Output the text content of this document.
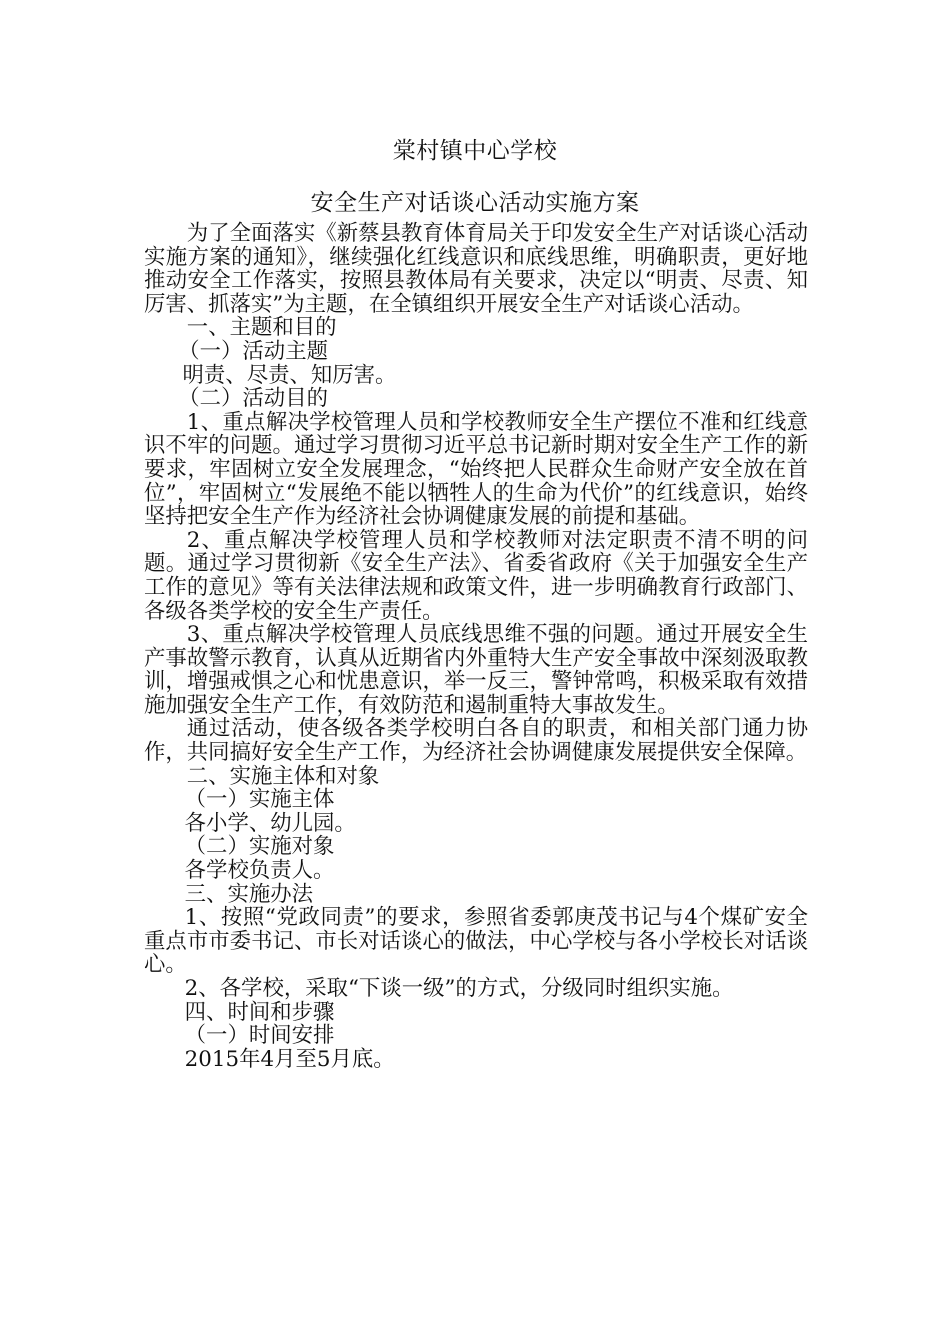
棠村镇中心学校
安全生产对话谈心活动实施方案

为了全面落实《新蔡县教育体育局关于印发安全生产对话谈心活动实施方案的通知》，继续强化红线意识和底线思维，明确职责，更好地推动安全工作落实，按照县教体局有关要求，决定以“明责、尽责、知厉害、抓落实”为主题，在全镇组织开展安全生产对话谈心活动。

一、主题和目的

（一）活动主题

明责、尽责、知厉害。

（二）活动目的

1、重点解决学校管理人员和学校教师安全生产摆位不准和红线意识不牢的问题。通过学习贯彻习近平总书记新时期对安全生产工作的新要求，牢固树立安全发展理念，“始终把人民群众生命财产安全放在首位”，牢固树立“发展绝不能以牺牲人的生命为代价”的红线意识，始终坚持把安全生产作为经济社会协调健康发展的前提和基础。

2、重点解决学校管理人员和学校教师对法定职责不清不明的问题。通过学习贯彻新《安全生产法》、省委省政府《关于加强安全生产工作的意见》等有关法律法规和政策文件，进一步明确教育行政部门、各级各类学校的安全生产责任。

3、重点解决学校管理人员底线思维不强的问题。通过开展安全生产事故警示教育，认真从近期省内外重特大生产安全事故中深刻汲取教训，增强戒惧之心和忧患意识，举一反三，警钟常鸣，积极采取有效措施加强安全生产工作，有效防范和遏制重特大事故发生。

通过活动，使各级各类学校明白各自的职责，和相关部门通力协作，共同搞好安全生产工作，为经济社会协调健康发展提供安全保障。

二、实施主体和对象

（一）实施主体

各小学、幼儿园。

（二）实施对象

各学校负责人。

三、实施办法

1、按照“党政同责”的要求，参照省委郭庚茂书记与4个煤矿安全重点市市委书记、市长对话谈心的做法，中心学校与各小学校长对话谈心。

2、各学校，采取“下谈一级”的方式，分级同时组织实施。

四、时间和步骤

（一）时间安排

2015年4月至5月底。
